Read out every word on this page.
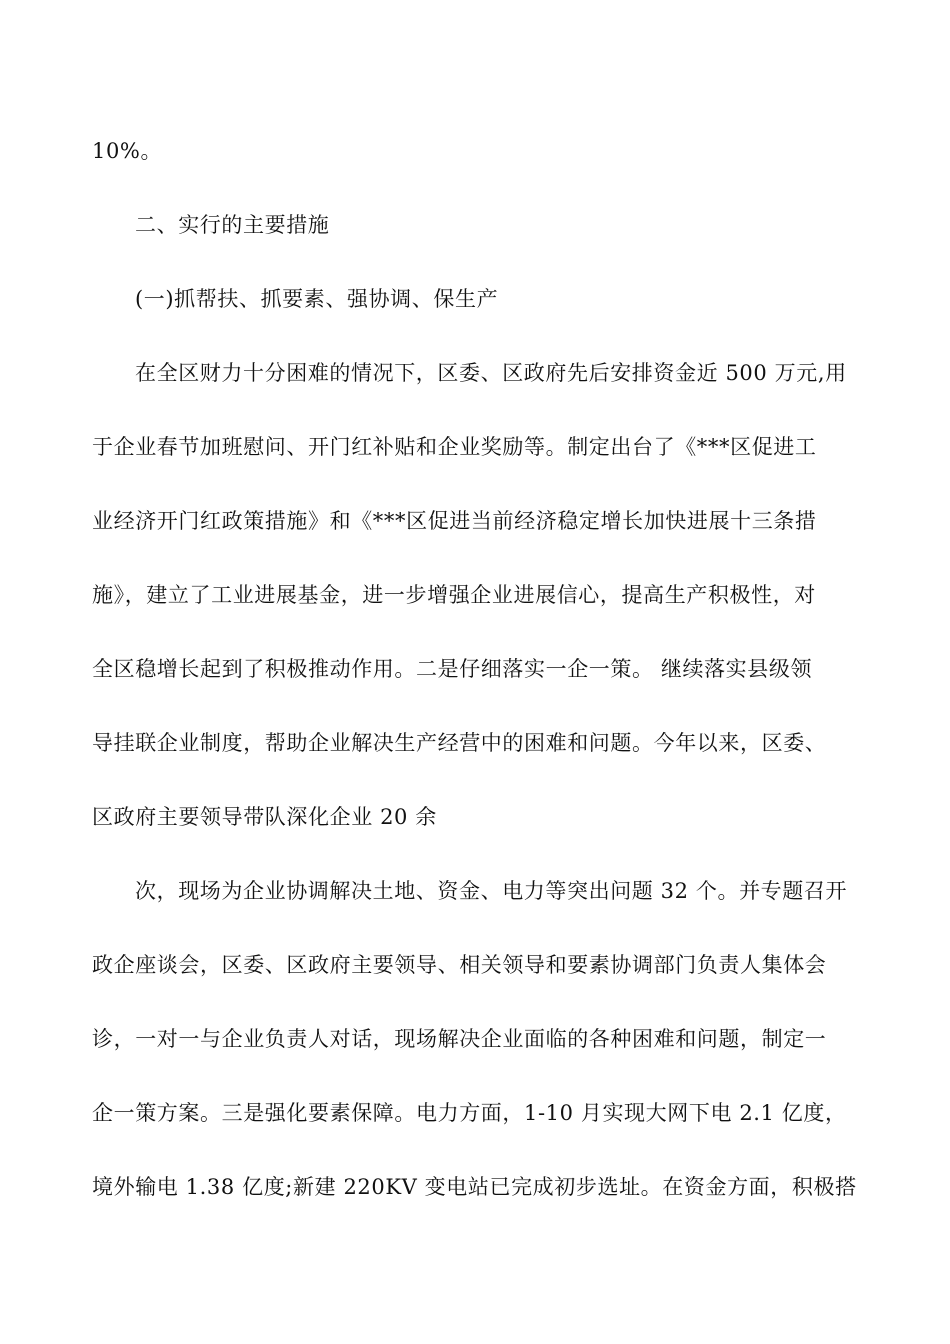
10%。
二、实行的主要措施
(一)抓帮扶、抓要素、强协调、保生产
在全区财力十分困难的情况下，区委、区政府先后安排资金近 500 万元,用
于企业春节加班慰问、开门红补贴和企业奖励等。制定出台了《***区促进工
业经济开门红政策措施》和《***区促进当前经济稳定增长加快进展十三条措
施》，建立了工业进展基金，进一步增强企业进展信心，提高生产积极性，对
全区稳增长起到了积极推动作用。二是仔细落实一企一策。 继续落实县级领
导挂联企业制度，帮助企业解决生产经营中的困难和问题。今年以来，区委、
区政府主要领导带队深化企业 20 余
次，现场为企业协调解决土地、资金、电力等突出问题 32 个。并专题召开
政企座谈会，区委、区政府主要领导、相关领导和要素协调部门负责人集体会
诊，一对一与企业负责人对话，现场解决企业面临的各种困难和问题，制定一
企一策方案。三是强化要素保障。电力方面，1-10 月实现大网下电 2.1 亿度，
境外输电 1.38 亿度;新建 220KV 变电站已完成初步选址。在资金方面，积极搭
